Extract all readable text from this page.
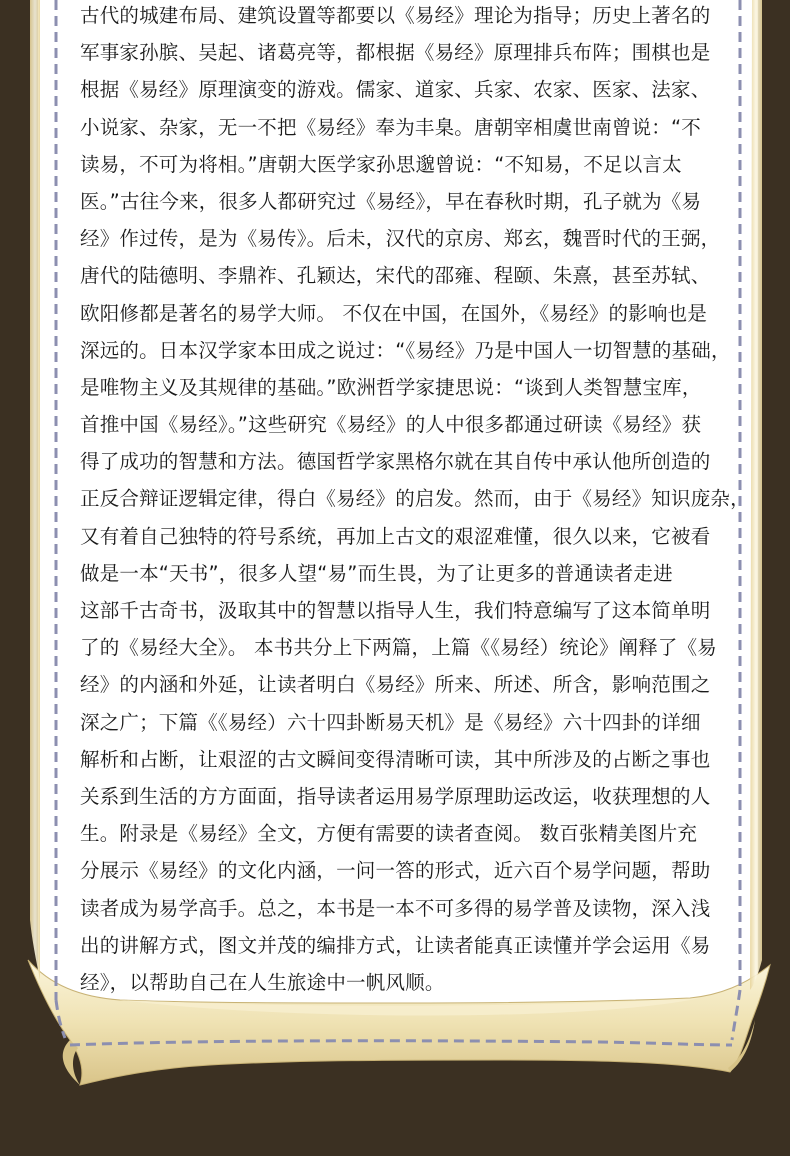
古代的城建布局、建筑设置等都要以《易经》理论为指导；历史上著名的
军事家孙膑、吴起、诸葛亮等，都根据《易经》原理排兵布阵；围棋也是
根据《易经》原理演变的游戏。儒家、道家、兵家、农家、医家、法家、
小说家、杂家，无一不把《易经》奉为丰臬。唐朝宰相虞世南曾说：“不
读易，不可为将相。”唐朝大医学家孙思邈曾说：“不知易，不足以言太
医。”古往今来，很多人都研究过《易经》，早在春秋时期，孔子就为《易
经》作过传，是为《易传》。后未，汉代的京房、郑玄，魏晋时代的王弼，
唐代的陆德明、李鼎祚、孔颖达，宋代的邵雍、程颐、朱熹，甚至苏轼、
欧阳修都是著名的易学大师。 不仅在中国，在国外，《易经》的影响也是
深远的。日本汉学家本田成之说过：“《易经》乃是中国人一切智慧的基础，
是唯物主义及其规律的基础。”欧洲哲学家捷思说：“谈到人类智慧宝库，
首推中国《易经》。”这些研究《易经》的人中很多都通过研读《易经》获
得了成功的智慧和方法。德国哲学家黑格尔就在其自传中承认他所创造的
正反合辩证逻辑定律，得白《易经》的启发。然而，由于《易经》知识庞杂，
又有着自己独特的符号系统，再加上古文的艰涩难懂，很久以来，它被看
做是一本“天书”，很多人望“易”而生畏，为了让更多的普通读者走进
这部千古奇书，汲取其中的智慧以指导人生，我们特意编写了这本简单明
了的《易经大全》。 本书共分上下两篇，上篇《《易经）统论》阐释了《易
经》的内涵和外延，让读者明白《易经》所来、所述、所含，影响范围之
深之广；下篇《《易经）六十四卦断易天机》是《易经》六十四卦的详细
解析和占断，让艰涩的古文瞬间变得清晰可读，其中所涉及的占断之事也
关系到生活的方方面面，指导读者运用易学原理助运改运，收获理想的人
生。附录是《易经》全文，方便有需要的读者查阅。 数百张精美图片充
分展示《易经》的文化内涵，一问一答的形式，近六百个易学问题，帮助
读者成为易学高手。总之，本书是一本不可多得的易学普及读物，深入浅
出的讲解方式，图文并茂的编排方式，让读者能真正读懂并学会运用《易
经》，以帮助自己在人生旅途中一帆风顺。
